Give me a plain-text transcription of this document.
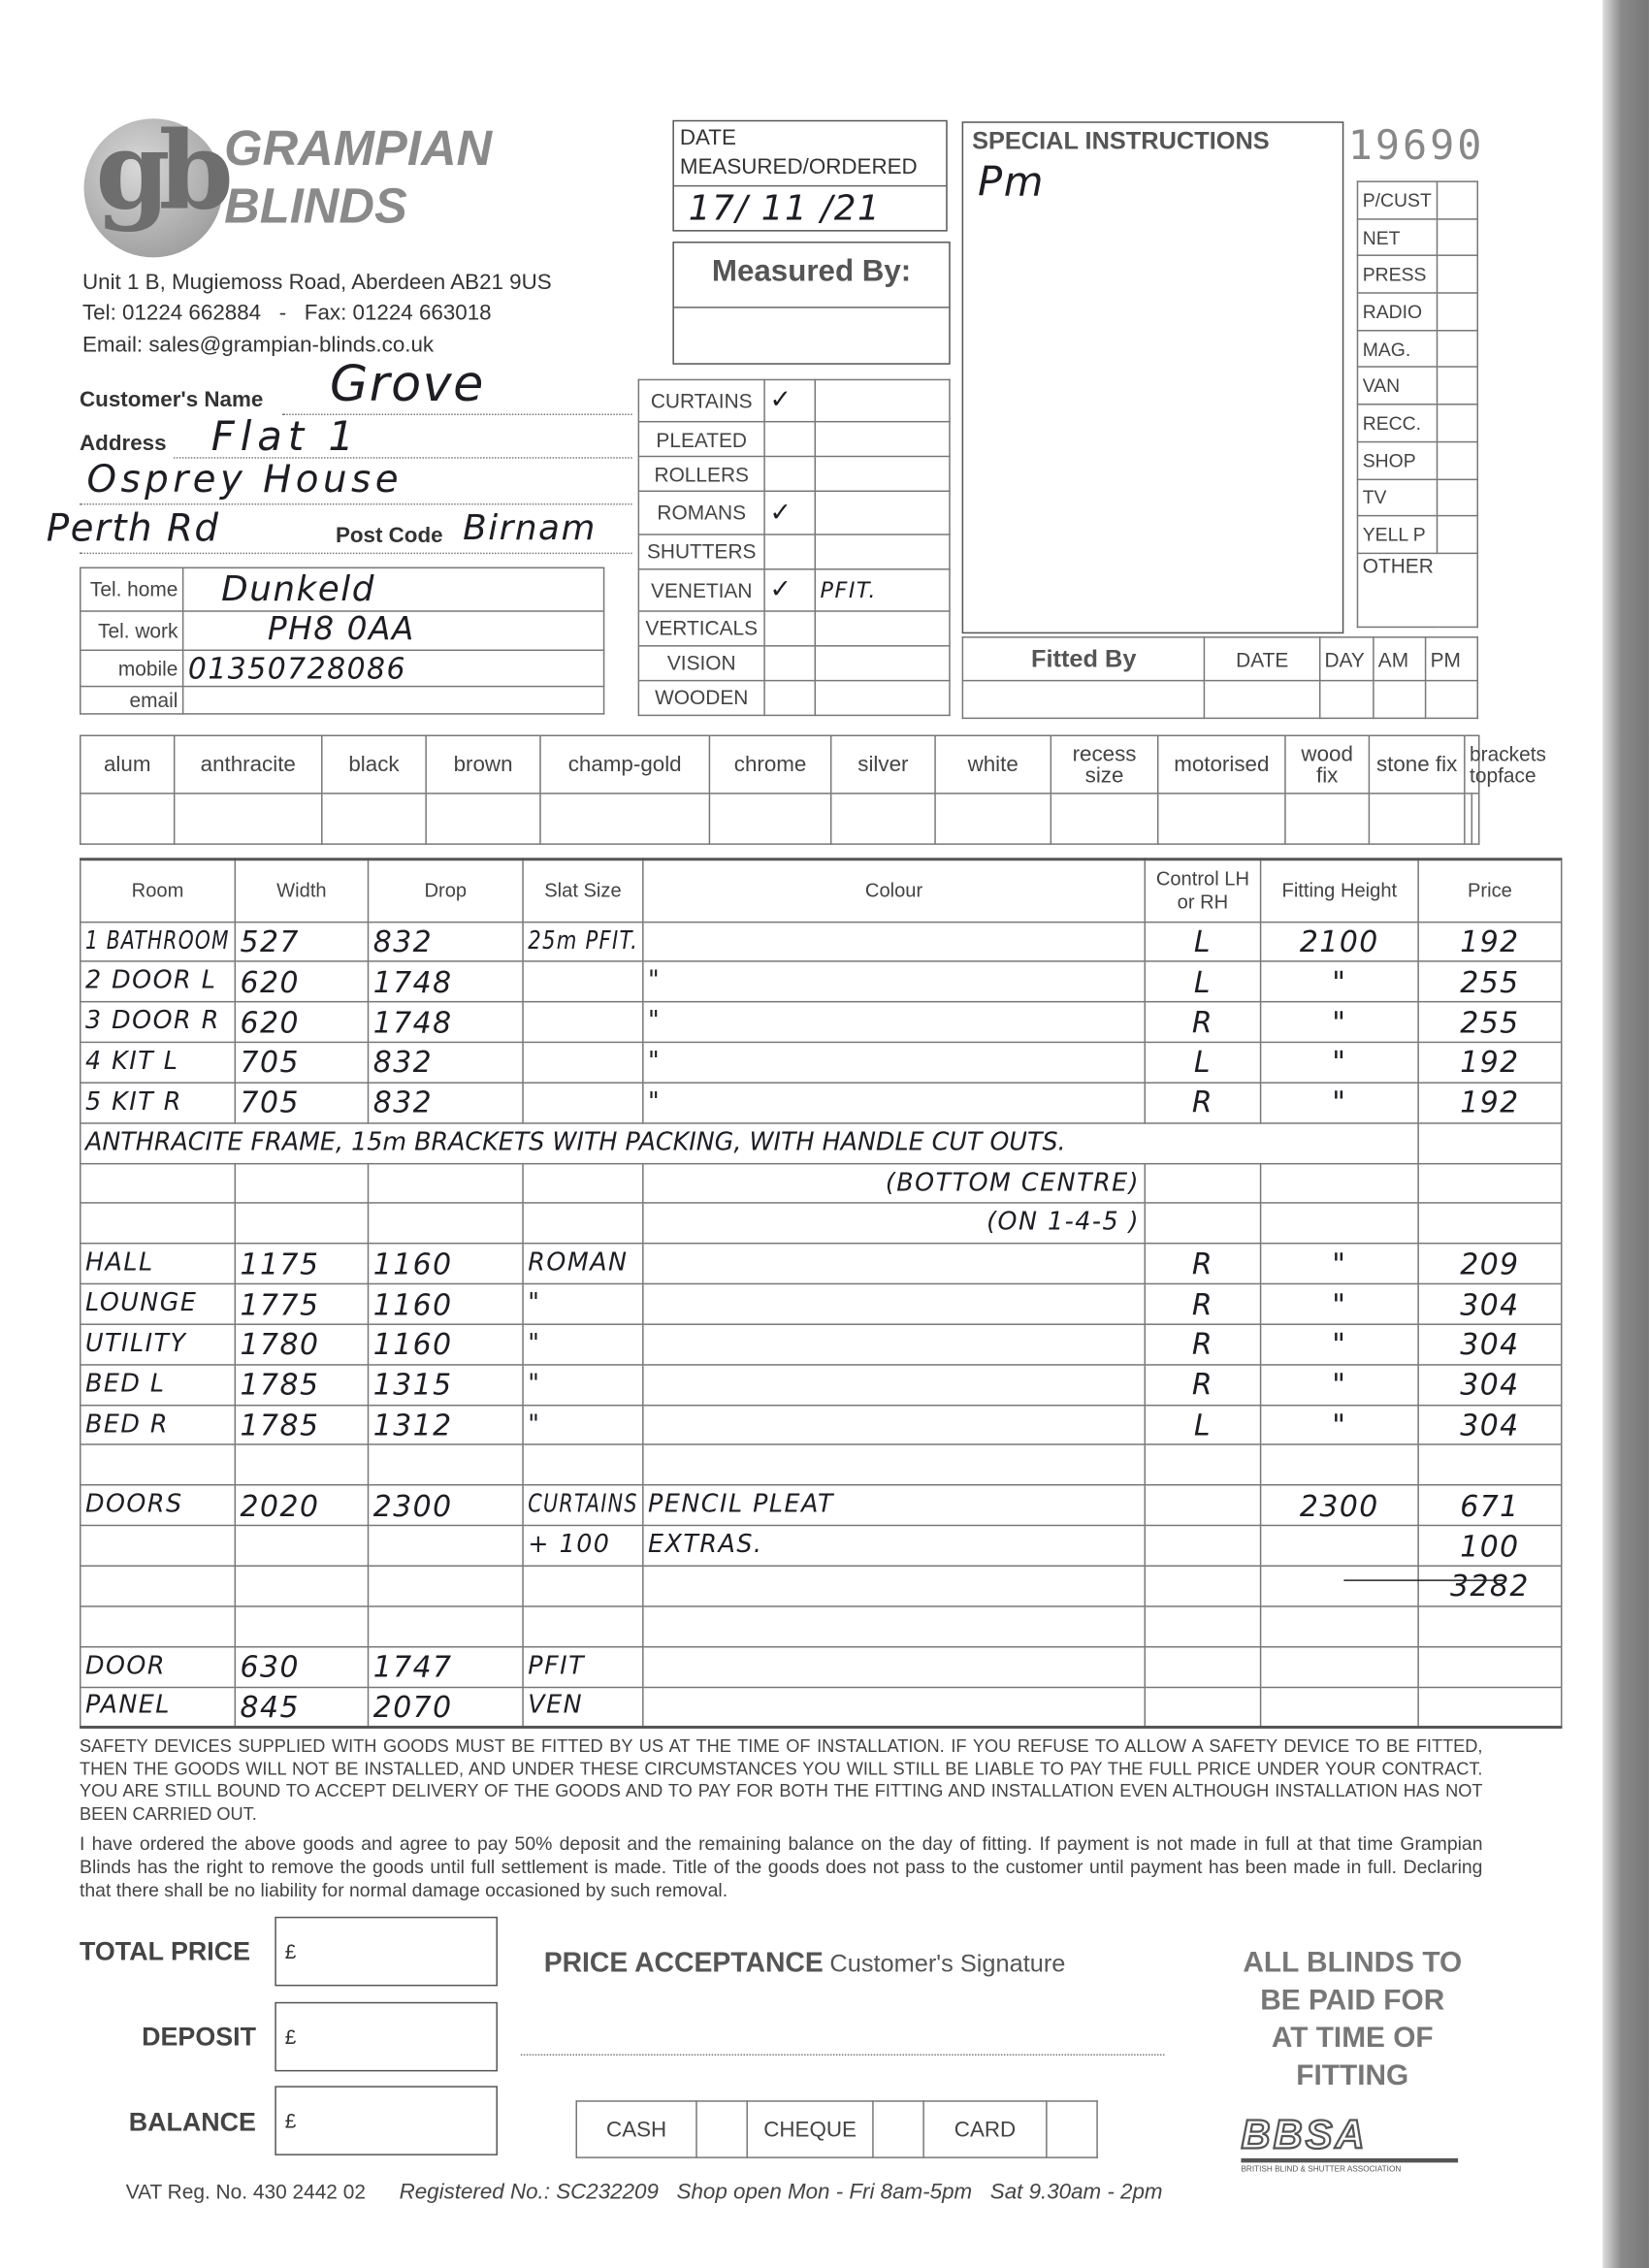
gb GRAMPIAN
BLINDS
Unit 1 B, Mugiemoss Road, Aberdeen AB21 9US
Tel: 01224 662884   -   Fax: 01224 663018
Email: sales@grampian-blinds.co.uk
DATE
MEASURED/ORDERED
17/ 11 /21
Measured By:
SPECIAL INSTRUCTIONS
Pm
19690
P/CUST	
NET	
PRESS	
RADIO	
MAG.	
VAN	
RECC.	
SHOP	
TV	
YELL P	
OTHER	
Fitted By	DATE	DAY	AM	PM

Customer's Name Grove
Address Flat 1
Osprey House
Perth Rd	Post Code Birnam
Tel. home	Dunkeld
Tel. work	PH8 0AA
mobile	01350728086
email	
CURTAINS	✓	
PLEATED		
ROLLERS		
ROMANS	✓	
SHUTTERS		
VENETIAN	✓	PFIT.
VERTICALS		
VISION		
WOODEN		
alum	anthracite	black	brown	champ-gold	chrome	silver	white	recess size	motorised	wood fix	stone fix	brackets
top face	

Room	Width	Drop	Slat Size	Colour	Control LH or RH	Fitting Height	Price
1 BATHROOM	527	832	25m PFIT.		L	2100	192
2 DOOR L	620	1748		"	L	"	255
3 DOOR R	620	1748		"	R	"	255
4 KIT L	705	832		"	L	"	192
5 KIT R	705	832		"	R	"	192
ANTHRACITE FRAME, 15m BRACKETS WITH PACKING, WITH HANDLE CUT OUTS.							
				(BOTTOM CENTRE)			
				(ON 1-4-5 )			
HALL	1175	1160	ROMAN		R	"	209
LOUNGE	1775	1160	"		R	"	304
UTILITY	1780	1160	"		R	"	304
BED L	1785	1315	"		R	"	304
BED R	1785	1312	"		L	"	304

DOORS	2020	2300	CURTAINS	PENCIL PLEAT		2300	671
			+ 100	EXTRAS.			100
							3282

DOOR	630	1747	PFIT				
PANEL	845	2070	VEN				
SAFETY DEVICES SUPPLIED WITH GOODS MUST BE FITTED BY US AT THE TIME OF INSTALLATION. IF YOU REFUSE TO ALLOW A SAFETY DEVICE TO BE FITTED, THEN THE GOODS WILL NOT BE INSTALLED, AND UNDER THESE CIRCUMSTANCES YOU WILL STILL BE LIABLE TO PAY THE FULL PRICE UNDER YOUR CONTRACT. YOU ARE STILL BOUND TO ACCEPT DELIVERY OF THE GOODS AND TO PAY FOR BOTH THE FITTING AND INSTALLATION EVEN ALTHOUGH INSTALLATION HAS NOT BEEN CARRIED OUT.
I have ordered the above goods and agree to pay 50% deposit and the remaining balance on the day of fitting. If payment is not made in full at that time Grampian Blinds has the right to remove the goods until full settlement is made. Title of the goods does not pass to the customer until payment has been made in full. Declaring that there shall be no liability for normal damage occasioned by such removal.
TOTAL PRICE	£
DEPOSIT £
BALANCE £
PRICE ACCEPTANCE Customer's Signature
CASH		CHEQUE		CARD	
ALL BLINDS TO
BE PAID FOR
AT TIME OF
FITTING
BBSA
BRITISH BLIND & SHUTTER ASSOCIATION
VAT Reg. No. 430 2442 02 Registered No.: SC232209   Shop open Mon - Fri 8am-5pm   Sat 9.30am - 2pm
